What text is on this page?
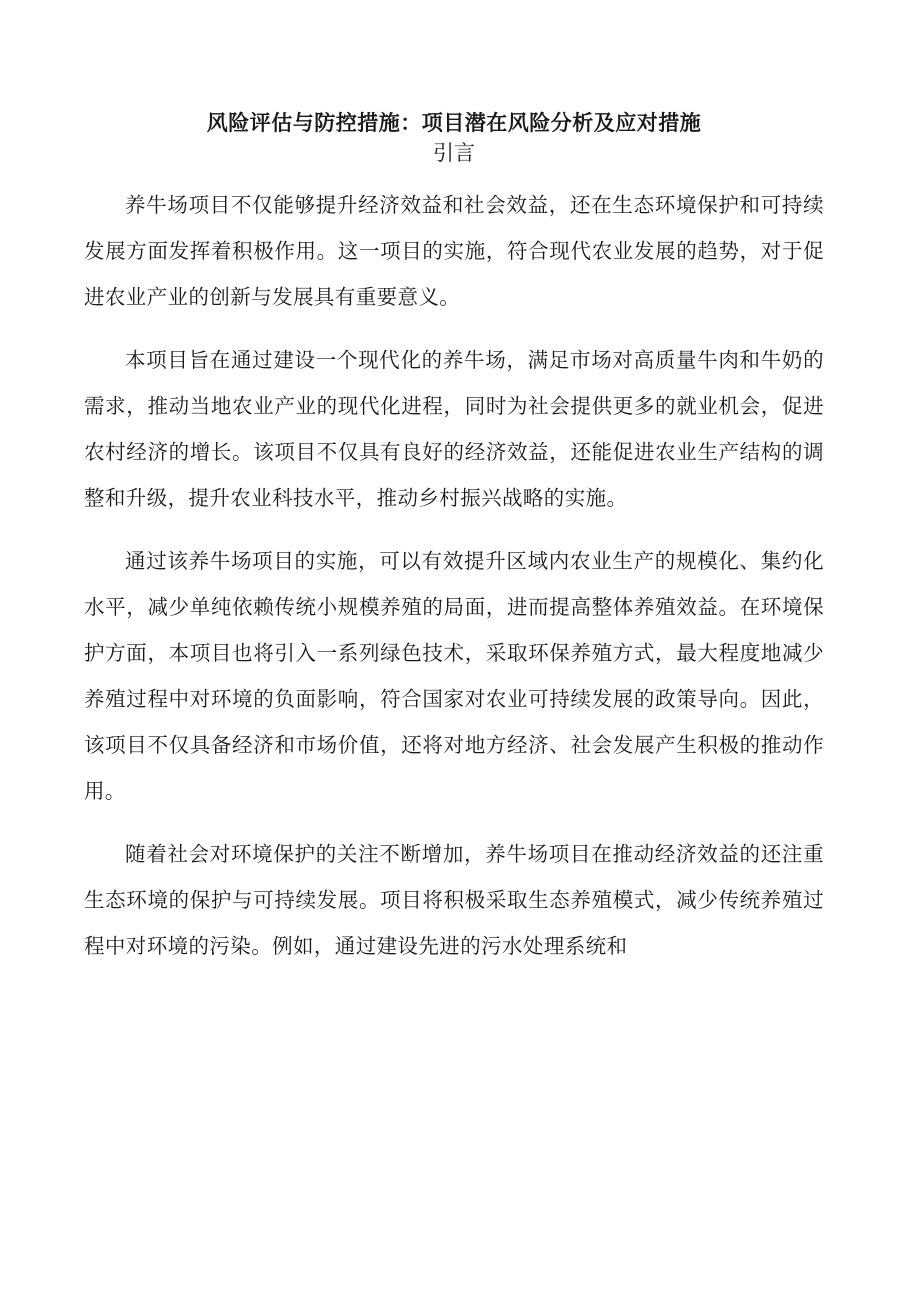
风险评估与防控措施：项目潜在风险分析及应对措施
引言

养牛场项目不仅能够提升经济效益和社会效益，还在生态环境保护和可持续发展方面发挥着积极作用。这一项目的实施，符合现代农业发展的趋势，对于促进农业产业的创新与发展具有重要意义。

本项目旨在通过建设一个现代化的养牛场，满足市场对高质量牛肉和牛奶的需求，推动当地农业产业的现代化进程，同时为社会提供更多的就业机会，促进农村经济的增长。该项目不仅具有良好的经济效益，还能促进农业生产结构的调整和升级，提升农业科技水平，推动乡村振兴战略的实施。

通过该养牛场项目的实施，可以有效提升区域内农业生产的规模化、集约化水平，减少单纯依赖传统小规模养殖的局面，进而提高整体养殖效益。在环境保护方面，本项目也将引入一系列绿色技术，采取环保养殖方式，最大程度地减少养殖过程中对环境的负面影响，符合国家对农业可持续发展的政策导向。因此，该项目不仅具备经济和市场价值，还将对地方经济、社会发展产生积极的推动作用。

随着社会对环境保护的关注不断增加，养牛场项目在推动经济效益的还注重生态环境的保护与可持续发展。项目将积极采取生态养殖模式，减少传统养殖过程中对环境的污染。例如，通过建设先进的污水处理系统和
